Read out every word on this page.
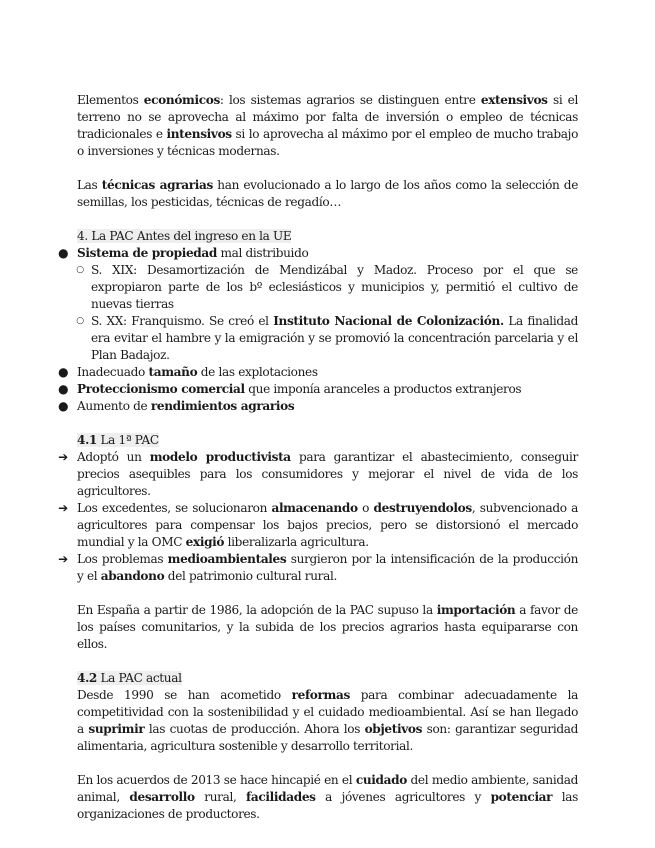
Elementos económicos: los sistemas agrarios se distinguen entre extensivos si el terreno no se aprovecha al máximo por falta de inversión o empleo de técnicas tradicionales e intensivos si lo aprovecha al máximo por el empleo de mucho trabajo o inversiones y técnicas modernas.

Las técnicas agrarias han evolucionado a lo largo de los años como la selección de semillas, los pesticidas, técnicas de regadío…

4. La PAC Antes del ingreso en la UE

● Sistema de propiedad mal distribuido
○ S. XIX: Desamortización de Mendizábal y Madoz. Proceso por el que se expropiaron parte de los bº eclesiásticos y municipios y, permitió el cultivo de nuevas tierras
○ S. XX: Franquismo. Se creó el Instituto Nacional de Colonización. La finalidad era evitar el hambre y la emigración y se promovió la concentración parcelaria y el Plan Badajoz.
● Inadecuado tamaño de las explotaciones
● Proteccionismo comercial que imponía aranceles a productos extranjeros
● Aumento de rendimientos agrarios

4.1 La 1ª PAC

➔ Adoptó un modelo productivista para garantizar el abastecimiento, conseguir precios asequibles para los consumidores y mejorar el nivel de vida de los agricultores.
➔ Los excedentes, se solucionaron almacenando o destruyendolos, subvencionado a agricultores para compensar los bajos precios, pero se distorsionó el mercado mundial y la OMC exigió liberalizarla agricultura.
➔ Los problemas medioambientales surgieron por la intensificación de la producción y el abandono del patrimonio cultural rural.

En España a partir de 1986, la adopción de la PAC supuso la importación a favor de los países comunitarios, y la subida de los precios agrarios hasta equipararse con ellos.

4.2 La PAC actual

Desde 1990 se han acometido reformas para combinar adecuadamente la competitividad con la sostenibilidad y el cuidado medioambiental. Así se han llegado a suprimir las cuotas de producción. Ahora los objetivos son: garantizar seguridad alimentaria, agricultura sostenible y desarrollo territorial.

En los acuerdos de 2013 se hace hincapié en el cuidado del medio ambiente, sanidad animal, desarrollo rural, facilidades a jóvenes agricultores y potenciar las organizaciones de productores.
